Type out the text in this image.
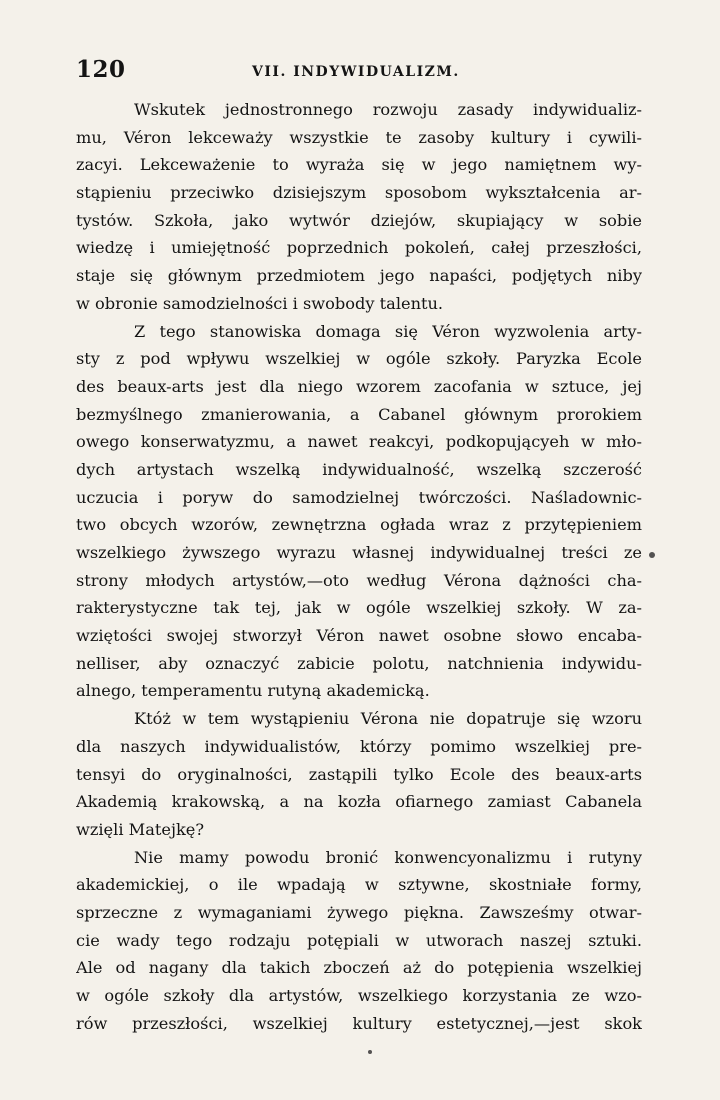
120	VII. INDYWIDUALIZM.
Wskutek jednostronnego rozwoju zasady indywidualiz-
mu, Véron lekceważy wszystkie te zasoby kultury i cywili-
zacyi. Lekceważenie to wyraża się w jego namiętnem wy-
stąpieniu przeciwko dzisiejszym sposobom wykształcenia ar-
tystów. Szkoła, jako wytwór dziejów, skupiający w sobie
wiedzę i umiejętność poprzednich pokoleń, całej przeszłości,
staje się głównym przedmiotem jego napaści, podjętych niby
w obronie samodzielności i swobody talentu.
Z tego stanowiska domaga się Véron wyzwolenia arty-
sty z pod wpływu wszelkiej w ogóle szkoły. Paryzka Ecole
des beaux-arts jest dla niego wzorem zacofania w sztuce, jej
bezmyślnego zmanierowania, a Cabanel głównym prorokiem
owego konserwatyzmu, a nawet reakcyi, podkopującyeh w mło-
dych artystach wszelką indywidualność, wszelką szczerość
uczucia i poryw do samodzielnej twórczości. Naśladownic-
two obcych wzorów, zewnętrzna ogłada wraz z przytępieniem
wszelkiego żywszego wyrazu własnej indywidualnej treści ze
strony młodych artystów,—oto według Vérona dążności cha-
rakterystyczne tak tej, jak w ogóle wszelkiej szkoły. W za-
wziętości swojej stworzył Véron nawet osobne słowo encaba-
nelliser, aby oznaczyć zabicie polotu, natchnienia indywidu-
alnego, temperamentu rutyną akademicką.
Któż w tem wystąpieniu Vérona nie dopatruje się wzoru
dla naszych indywidualistów, którzy pomimo wszelkiej pre-
tensyi do oryginalności, zastąpili tylko Ecole des beaux-arts
Akademią krakowską, a na kozła ofiarnego zamiast Cabanela
wzięli Matejkę?
Nie mamy powodu bronić konwencyonalizmu i rutyny
akademickiej, o ile wpadają w sztywne, skostniałe formy,
sprzeczne z wymaganiami żywego piękna. Zawsześmy otwar-
cie wady tego rodzaju potępiali w utworach naszej sztuki.
Ale od nagany dla takich zboczeń aż do potępienia wszelkiej
w ogóle szkoły dla artystów, wszelkiego korzystania ze wzo-
rów przeszłości, wszelkiej kultury estetycznej,—jest skok
